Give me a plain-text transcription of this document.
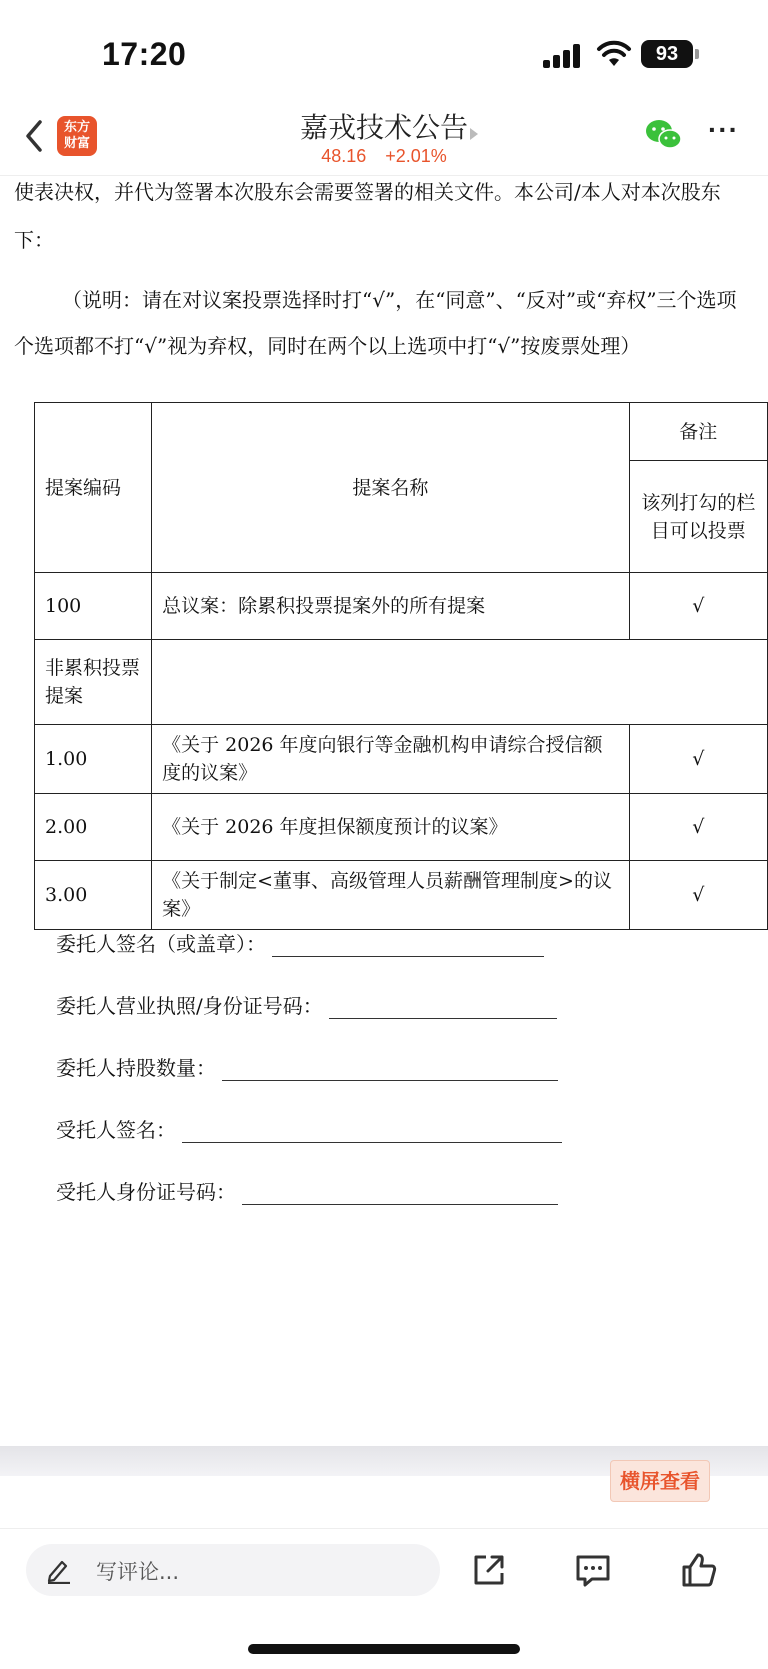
17:20	93
东方
财富	嘉戎技术公告
48.16 +2.01%
···
使表决权，并代为签署本次股东会需要签署的相关文件。本公司/本人对本次股东
下：
（说明：请在对议案投票选择时打“√”，在“同意”、“反对”或“弃权”三个选项
个选项都不打“√”视为弃权，同时在两个以上选项中打“√”按废票处理）
提案编码	提案名称	备注
		该列打勾的栏目可以投票
100	总议案：除累积投票提案外的所有提案	√
非累积投票提案		
1.00	《关于 2026 年度向银行等金融机构申请综合授信额度的议案》	√
2.00	《关于 2026 年度担保额度预计的议案》	√
3.00	《关于制定<董事、高级管理人员薪酬管理制度>的议案》	√
委托人签名（或盖章）：
委托人营业执照/身份证号码：
委托人持股数量：
受托人签名：
受托人身份证号码：
横屏查看
写评论...
